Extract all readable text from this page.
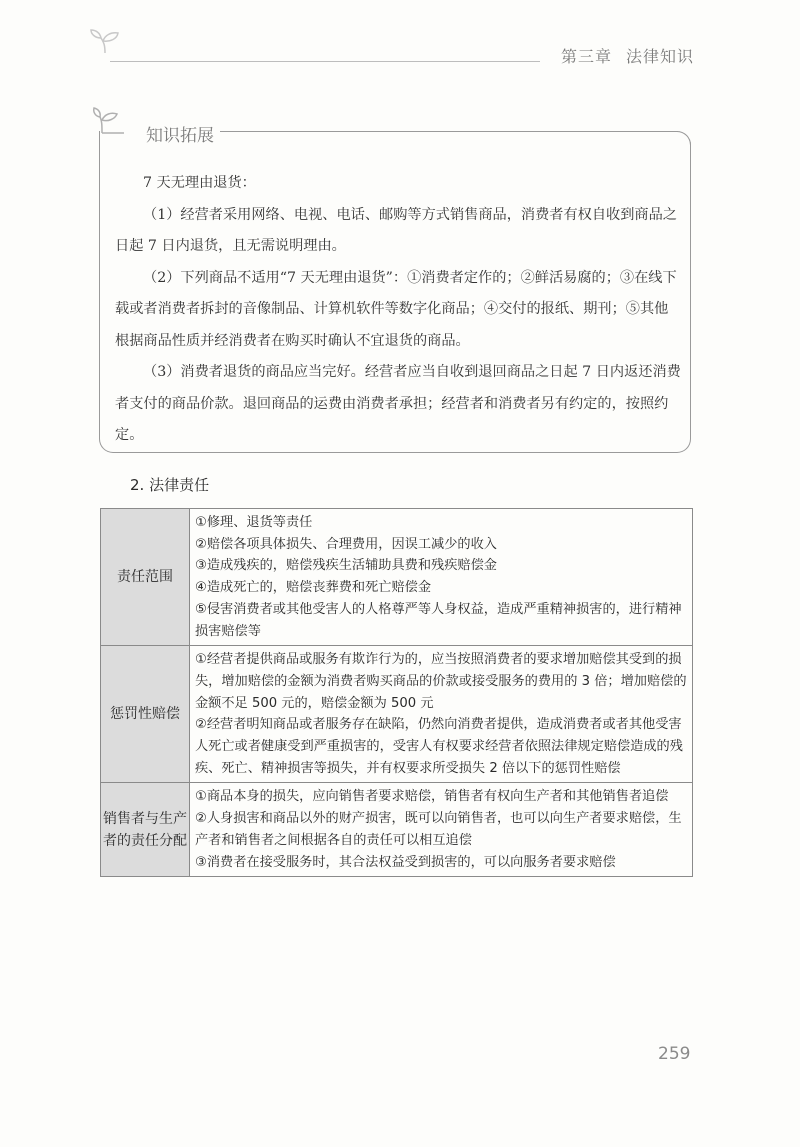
第三章 法律知识
知识拓展

7 天无理由退货：

（1）经营者采用网络、电视、电话、邮购等方式销售商品，消费者有权自收到商品之日起 7 日内退货，且无需说明理由。

（2）下列商品不适用“7 天无理由退货”：①消费者定作的；②鲜活易腐的；③在线下载或者消费者拆封的音像制品、计算机软件等数字化商品；④交付的报纸、期刊；⑤其他根据商品性质并经消费者在购买时确认不宜退货的商品。

（3）消费者退货的商品应当完好。经营者应当自收到退回商品之日起 7 日内返还消费者支付的商品价款。退回商品的运费由消费者承担；经营者和消费者另有约定的，按照约定。

2. 法律责任
责任范围	①修理、退货等责任
②赔偿各项具体损失、合理费用，因误工减少的收入
③造成残疾的，赔偿残疾生活辅助具费和残疾赔偿金
④造成死亡的，赔偿丧葬费和死亡赔偿金
⑤侵害消费者或其他受害人的人格尊严等人身权益，造成严重精神损害的，进行精神损害赔偿等

惩罚性赔偿	①经营者提供商品或服务有欺诈行为的，应当按照消费者的要求增加赔偿其受到的损失，增加赔偿的金额为消费者购买商品的价款或接受服务的费用的 3 倍；增加赔偿的金额不足 500 元的，赔偿金额为 500 元
②经营者明知商品或者服务存在缺陷，仍然向消费者提供，造成消费者或者其他受害人死亡或者健康受到严重损害的，受害人有权要求经营者依照法律规定赔偿造成的残疾、死亡、精神损害等损失，并有权要求所受损失 2 倍以下的惩罚性赔偿

销售者与生产者的责任分配	①商品本身的损失，应向销售者要求赔偿，销售者有权向生产者和其他销售者追偿
②人身损害和商品以外的财产损害，既可以向销售者，也可以向生产者要求赔偿，生产者和销售者之间根据各自的责任可以相互追偿
③消费者在接受服务时，其合法权益受到损害的，可以向服务者要求赔偿
259
